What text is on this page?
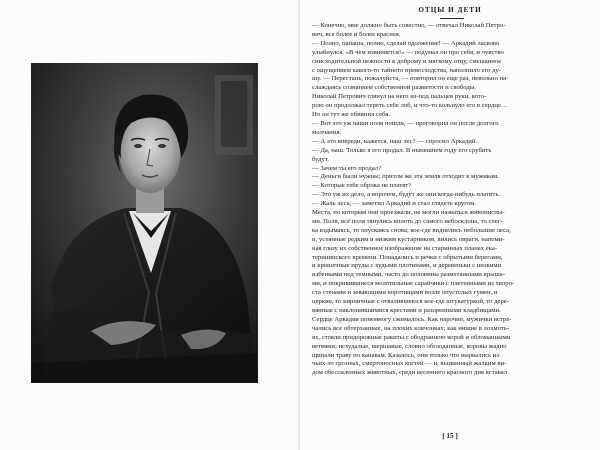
ОТЦЫ И ДЕТИ
— Конечно, мне должно быть совестно, — отвечал Николай Петро-
вич, все более и более краснея.
— Полно, папаша, полно, сделай одолжение! — Аркадий ласково
улыбнулся. «В чем извиняется!» — подумал он про себя, и чувство
снисходительной нежности к доброму и мягкому отцу, смешанное
с ощущением какого-то тайного превосходства, наполнило его ду-
шу. — Перестань, пожалуйста, — повторил он еще раз, невольно на-
слаждаясь сознанием собственной развитости и свободы.
Николай Петрович глянул на него из-под пальцев руки, кото-
рою он продолжал тереть себе лоб, и что-то кольнуло его в сердце…
Но он тут же обвинил себя.
— Вот это уж наши поля пошли, — проговорил он после долгого
молчания.
— А это впереди, кажется, наш лес? — спросил Аркадий.
— Да, наш. Только я его продал. В нынешнем году его срубить
будут.
— Зачем ты его продал?
— Деньги были нужны; притом же эта земля отходит к мужикам.
— Которые тебе оброка не платят?
— Это уж их дело, а впрочем, будут же они когда-нибудь платить.
— Жаль леса, — заметил Аркадий и стал глядеть кругом.
Места, по которым они проезжали, не могли назваться живописны-
ми. Поля, всё поля тянулись вплоть до самого небосклона, то слег-
ка вздымаясь, то опускаясь снова; кое-где виднелись небольшие леса,
и, усеянные редким и низким кустарником, вились овраги, напоми-
ная глазу их собственное изображение на старинных планах ека-
терининского времени. Попадались и речки с обрытыми берегами,
и крошечные пруды с худыми плотинами, и деревеньки с низкими
избенками под темными, часто до половины разметанными крыша-
ми, и покривившиеся молотильные сарайчики с плетенными из хворо-
ста стенами и зевающими воротищами возле опустелых гумен, и
церкви, то кирпичные с отвалившеюся кое-где штукатуркой, то дере-
вянные с наклонившимися крестами и разоренными кладбищами.
Сердце Аркадия понемногу сжималось. Как нарочно, мужички встре-
чались все обтерханные, на плохих клячонках; как нищие в лохмоть-
ях, стояли придорожные ракиты с ободранною корой и обломанными
ветвями; исхудалые, шершавые, словно обглоданные, коровы жадно
щипали траву по канавам. Казалось, они только что вырвались из
чьих-то грозных, смертоносных когтей — и, вызванный жалким ви-
дом обессиленных животных, среди весеннего красного дня вставал
[ 15 ]
